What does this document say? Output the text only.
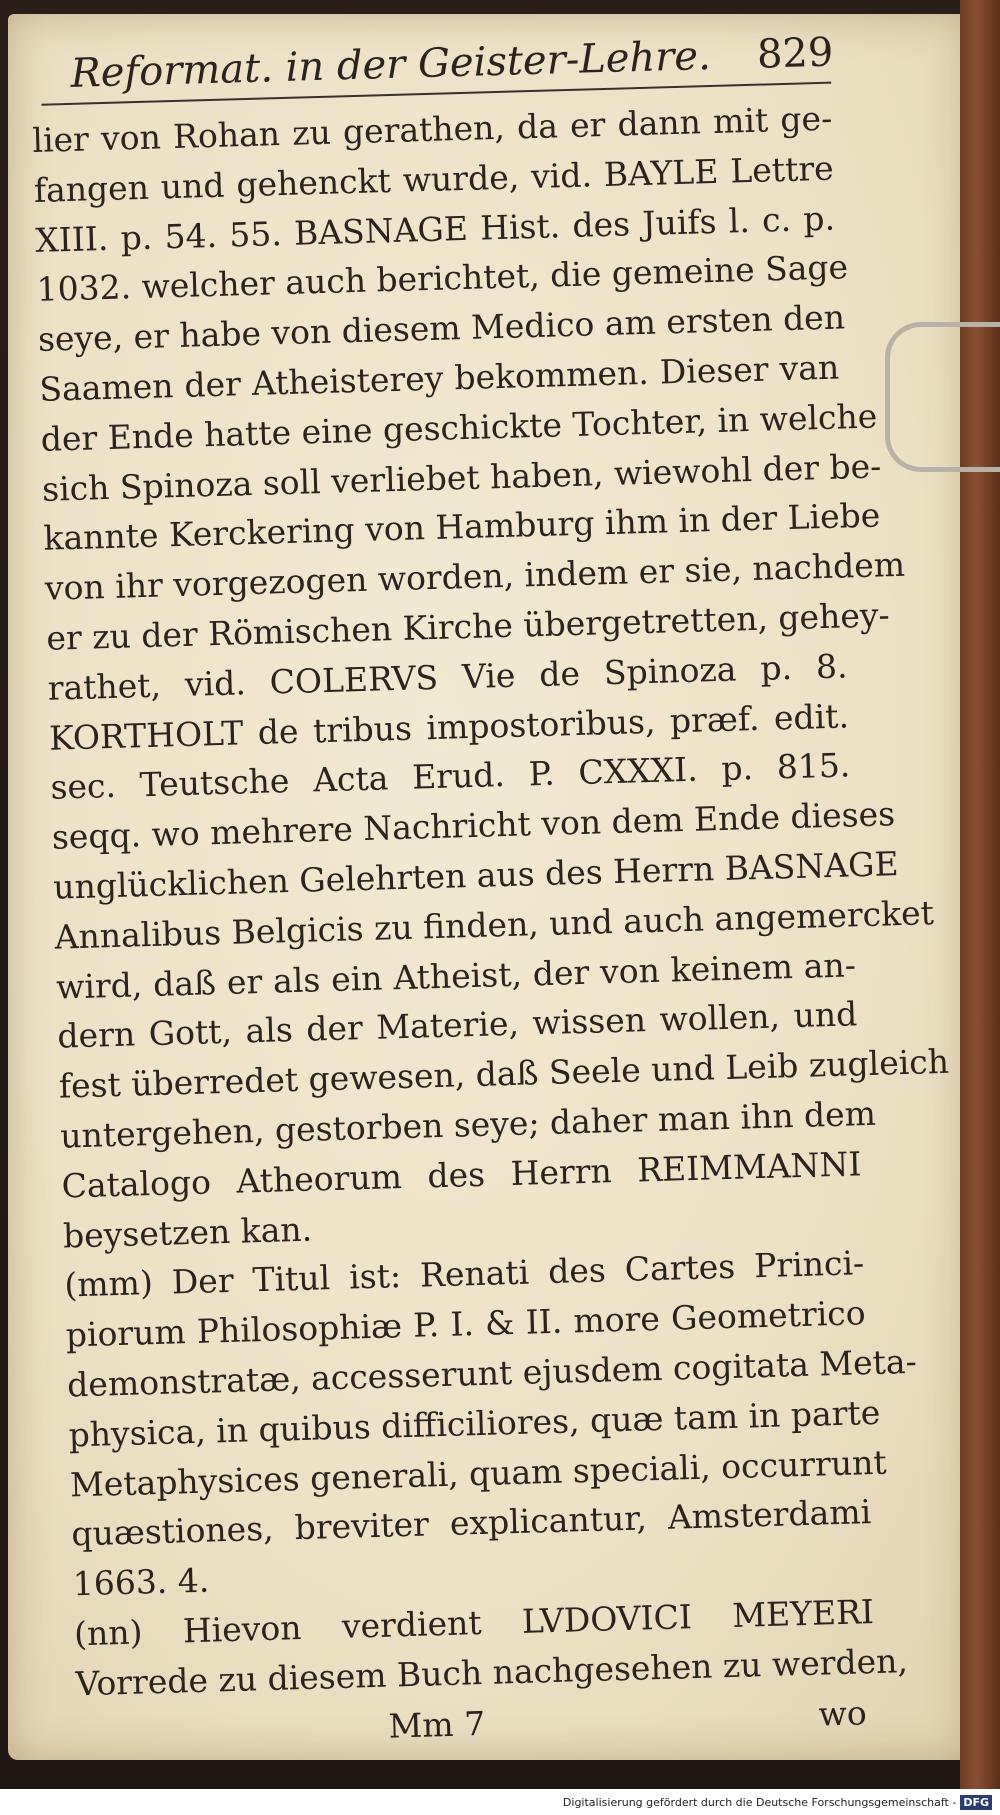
Reformat. in der Geister-Lehre. 829
lier von Rohan zu gerathen, da er dann mit ge-
fangen und gehenckt wurde, vid. BAYLE Lettre
XIII. p. 54. 55. BASNAGE Hist. des Juifs l. c. p.
1032. welcher auch berichtet, die gemeine Sage
seye, er habe von diesem Medico am ersten den
Saamen der Atheisterey bekommen. Dieser van
der Ende hatte eine geschickte Tochter, in welche
sich Spinoza soll verliebet haben, wiewohl der be-
kannte Kerckering von Hamburg ihm in der Liebe
von ihr vorgezogen worden, indem er sie, nachdem
er zu der Römischen Kirche übergetretten, gehey-
rathet, vid. COLERVS Vie de Spinoza p. 8.
KORTHOLT de tribus impostoribus, præf. edit.
sec. Teutsche Acta Erud. P. CXXXI. p. 815.
seqq. wo mehrere Nachricht von dem Ende dieses
unglücklichen Gelehrten aus des Herrn BASNAGE
Annalibus Belgicis zu finden, und auch angemercket
wird, daß er als ein Atheist, der von keinem an-
dern Gott, als der Materie, wissen wollen, und
fest überredet gewesen, daß Seele und Leib zugleich
untergehen, gestorben seye; daher man ihn dem
Catalogo Atheorum des Herrn REIMMANNI
beysetzen kan.
(mm) Der Titul ist: Renati des Cartes Princi-
piorum Philosophiæ P. I. & II. more Geometrico
demonstratæ, accesserunt ejusdem cogitata Meta-
physica, in quibus difficiliores, quæ tam in parte
Metaphysices generali, quam speciali, occurrunt
quæstiones, breviter explicantur, Amsterdami
1663. 4.
(nn) Hievon verdient LVDOVICI MEYERI
Vorrede zu diesem Buch nachgesehen zu werden,
Mm 7	wo
Digitalisierung gefördert durch die Deutsche Forschungsgemeinschaft - DFG
